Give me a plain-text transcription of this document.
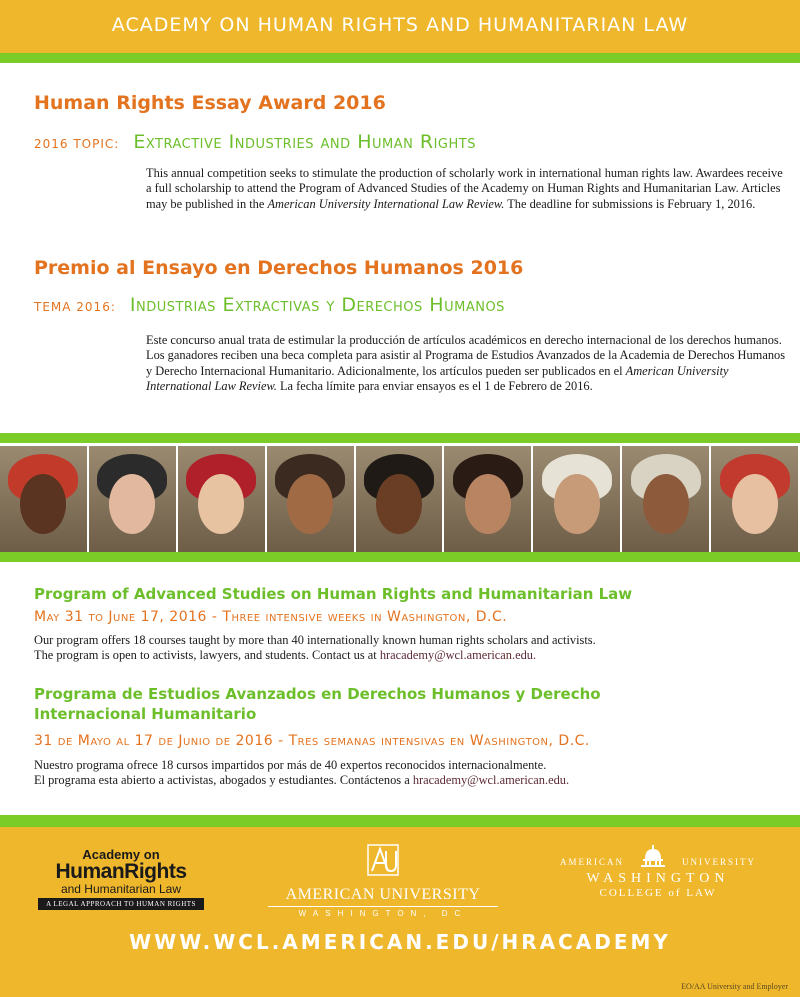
ACADEMY ON HUMAN RIGHTS AND HUMANITARIAN LAW
Human Rights Essay Award 2016
2016 TOPIC: Extractive Industries and Human Rights
This annual competition seeks to stimulate the production of scholarly work in international human rights law. Awardees receive a full scholarship to attend the Program of Advanced Studies of the Academy on Human Rights and Humanitarian Law. Articles may be published in the American University International Law Review. The deadline for submissions is February 1, 2016.
Premio al Ensayo en Derechos Humanos 2016
TEMA 2016: Industrias Extractivas y Derechos Humanos
Este concurso anual trata de estimular la producción de artículos académicos en derecho internacional de los derechos humanos. Los ganadores reciben una beca completa para asistir al Programa de Estudios Avanzados de la Academia de Derechos Humanos y Derecho Internacional Humanitario. Adicionalmente, los artículos pueden ser publicados en el American University International Law Review. La fecha límite para enviar ensayos es el 1 de Febrero de 2016.
Program of Advanced Studies on Human Rights and Humanitarian Law
May 31 to June 17, 2016 - Three intensive weeks in Washington, D.C.
Our program offers 18 courses taught by more than 40 internationally known human rights scholars and activists.
The program is open to activists, lawyers, and students. Contact us at hracademy@wcl.american.edu.
Programa de Estudios Avanzados en Derechos Humanos y Derecho
Internacional Humanitario
31 de Mayo al 17 de Junio de 2016 - Tres semanas intensivas en Washington, D.C.
Nuestro programa ofrece 18 cursos impartidos por más de 40 expertos reconocidos internacionalmente.
El programa esta abierto a activistas, abogados y estudiantes. Contáctenos a hracademy@wcl.american.edu.
Academy on
HumanRights
and Humanitarian Law
A LEGAL APPROACH TO HUMAN RIGHTS
AMERICAN UNIVERSITY
WASHINGTON, DC
AMERICAN	UNIVERSITY
WASHINGTON
COLLEGE of LAW
WWW.WCL.AMERICAN.EDU/HRACADEMY
EO/AA University and Employer
